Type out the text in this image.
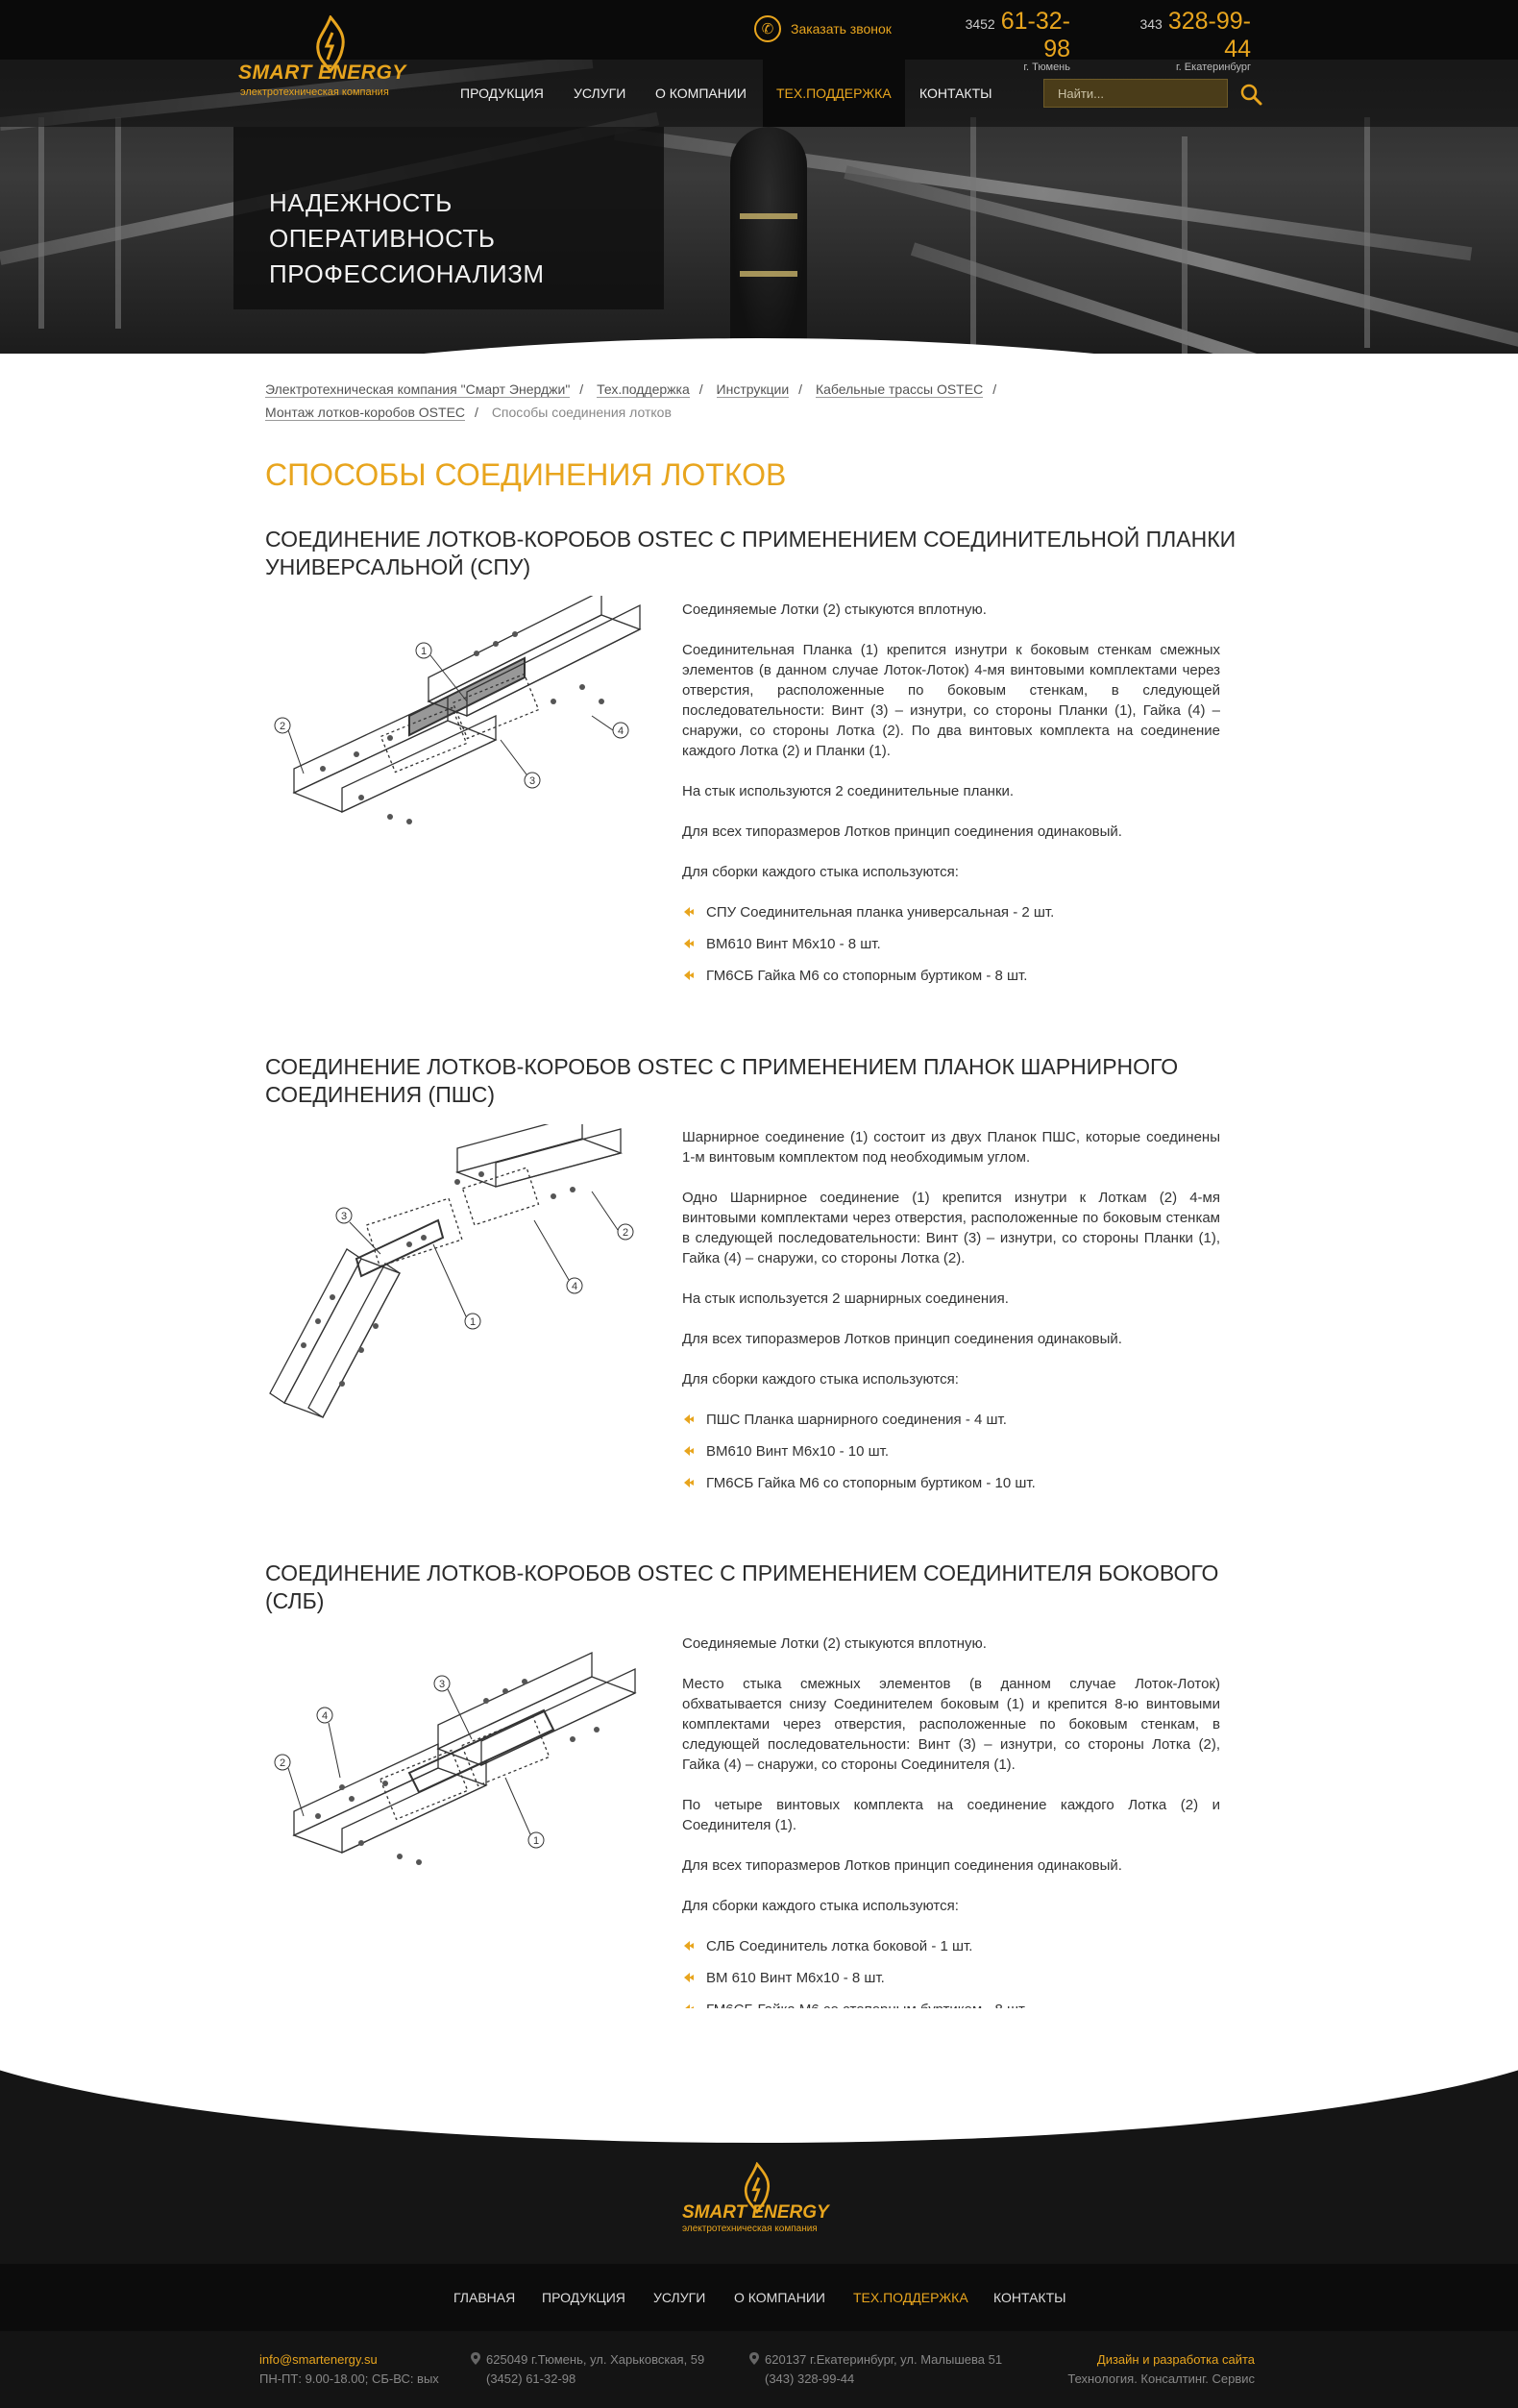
НАДЕЖНОСТЬ
ОПЕРАТИВНОСТЬ
ПРОФЕССИОНАЛИЗМ
SMART ENERGY
электротехническая компания
✆	Заказать звонок	3452 61-32-98
г. Тюмень
343 328-99-44
г. Екатеринбург
ПРОДУКЦИЯ УСЛУГИ О КОМПАНИИ	ТЕХ.ПОДДЕРЖКА	КОНТАКТЫ
Найти...
Электротехническая компания "Смарт Энерджи" / Тех.поддержка / Инструкции / Кабельные трассы OSTEC /
Монтаж лотков-коробов OSTEC / Способы соединения лотков
СПОСОБЫ СОЕДИНЕНИЯ ЛОТКОВ
СОЕДИНЕНИЕ ЛОТКОВ-КОРОБОВ OSTEC С ПРИМЕНЕНИЕМ СОЕДИНИТЕЛЬНОЙ ПЛАНКИ
УНИВЕРСАЛЬНОЙ (СПУ)
1
2
3
4

Соединяемые Лотки (2) стыкуются вплотную.

Соединительная Планка (1) крепится изнутри к боковым стенкам смежных элементов (в данном случае Лоток-Лоток) 4-мя винтовыми комплектами через отверстия, расположенные по боковым стенкам, в следующей последовательности: Винт (3) – изнутри, со стороны Планки (1), Гайка (4) – снаружи, со стороны Лотка (2). По два винтовых комплекта на соединение каждого Лотка (2) и Планки (1).

На стык используются 2 соединительные планки.

Для всех типоразмеров Лотков принцип соединения одинаковый.

Для сборки каждого стыка используются:

СПУ Соединительная планка универсальная - 2 шт.
ВМ610 Винт М6х10 - 8 шт.
ГМ6СБ Гайка М6 со стопорным буртиком - 8 шт.
СОЕДИНЕНИЕ ЛОТКОВ-КОРОБОВ OSTEC С ПРИМЕНЕНИЕМ ПЛАНОК ШАРНИРНОГО
СОЕДИНЕНИЯ (ПШС)
1
2
3
4

Шарнирное соединение (1) состоит из двух Планок ПШС, которые соединены 1-м винтовым комплектом под необходимым углом.

Одно Шарнирное соединение (1) крепится изнутри к Лоткам (2) 4-мя винтовыми комплектами через отверстия, расположенные по боковым стенкам в следующей последовательности: Винт (3) – изнутри, со стороны Планки (1), Гайка (4) – снаружи, со стороны Лотка (2).

На стык используется 2 шарнирных соединения.

Для всех типоразмеров Лотков принцип соединения одинаковый.

Для сборки каждого стыка используются:

ПШС Планка шарнирного соединения - 4 шт.
ВМ610 Винт М6х10 - 10 шт.
ГМ6СБ Гайка М6 со стопорным буртиком - 10 шт.
СОЕДИНЕНИЕ ЛОТКОВ-КОРОБОВ OSTEC С ПРИМЕНЕНИЕМ СОЕДИНИТЕЛЯ БОКОВОГО
(СЛБ)
1
2
3
4

Соединяемые Лотки (2) стыкуются вплотную.

Место стыка смежных элементов (в данном случае Лоток-Лоток) обхватывается снизу Соединителем боковым (1) и крепится 8-ю винтовыми комплектами через отверстия, расположенные по боковым стенкам, в следующей последовательности: Винт (3) – изнутри, со стороны Лотка (2), Гайка (4) – снаружи, со стороны Соединителя (1).

По четыре винтовых комплекта на соединение каждого Лотка (2) и Соединителя (1).

Для всех типоразмеров Лотков принцип соединения одинаковый.

Для сборки каждого стыка используются:

СЛБ Соединитель лотка боковой - 1 шт.
ВМ 610 Винт М6х10 - 8 шт.
SMART ENERGY
электротехническая компания
ГЛАВНАЯ ПРОДУКЦИЯ УСЛУГИ О КОМПАНИИ ТЕХ.ПОДДЕРЖКА КОНТАКТЫ
info@smartenergy.su
ПН-ПТ: 9.00-18.00; СБ-ВС: вых
625049 г.Тюмень, ул. Харьковская, 59
(3452) 61-32-98
620137 г.Екатеринбург, ул. Малышева 51
(343) 328-99-44
Дизайн и разработка сайта
Технология. Консалтинг. Сервис
